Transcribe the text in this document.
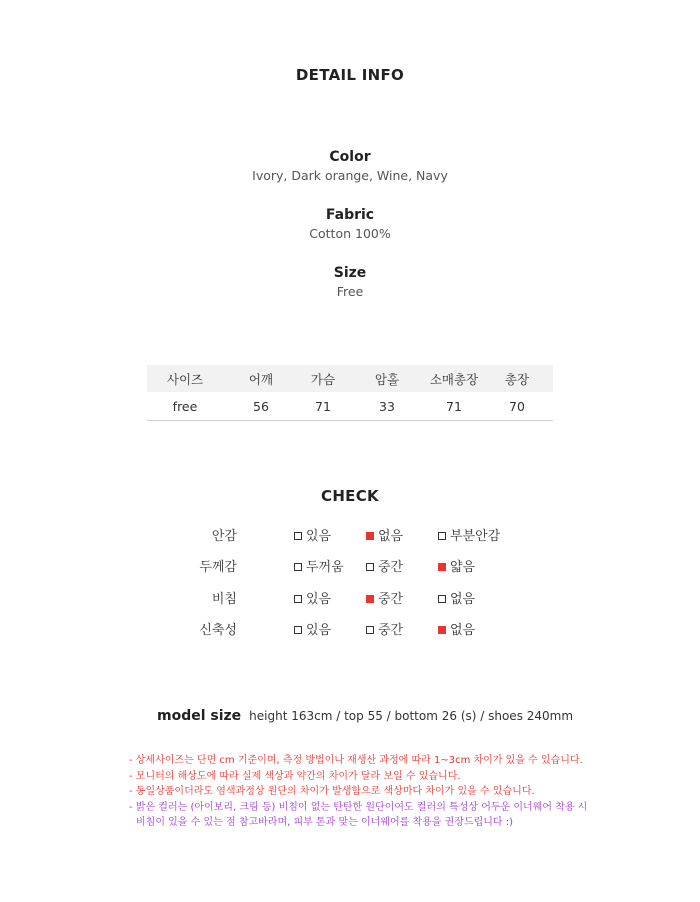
DETAIL INFO
Color
Ivory, Dark orange, Wine, Navy
Fabric
Cotton 100%
Size
Free
사이즈	어깨	가슴	암홀	소매총장	총장
free	56	71	33	71	70
CHECK
안감	있음	없음	부분안감
두께감	두꺼움	중간	얇음
비침	있음	중간	없음
신축성	있음	중간	없음
model size height 163cm / top 55 / bottom 26 (s) / shoes 240mm
- 상세사이즈는 단면 cm 기준이며, 측정 방법이나 재생산 과정에 따라 1~3cm 차이가 있을 수 있습니다.
- 모니터의 해상도에 따라 실제 색상과 약간의 차이가 달라 보일 수 있습니다.
- 동일상품이더라도 염색과정상 원단의 차이가 발생함으로 색상마다 차이가 있을 수 있습니다.
- 밝은 컬러는 (아이보리, 크림 등) 비침이 없는 탄탄한 원단이여도 컬러의 특성상 어두운 이너웨어 착용 시
비침이 있을 수 있는 점 참고바라며, 피부 톤과 맞는 이너웨어를 착용을 권장드립니다 :)
